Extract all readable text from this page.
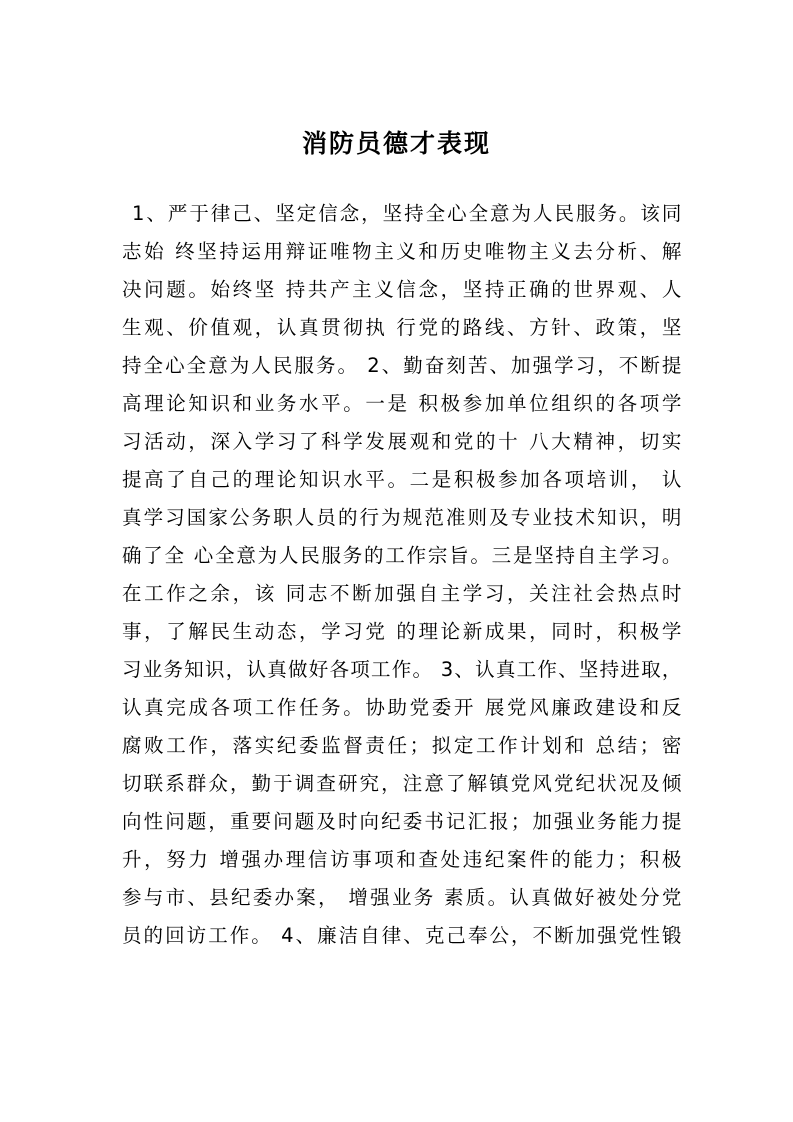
消防员德才表现
1、严于律己、坚定信念，坚持全心全意为人民服务。该同
志始 终坚持运用辩证唯物主义和历史唯物主义去分析、解
决问题。始终坚 持共产主义信念，坚持正确的世界观、人
生观、价值观，认真贯彻执 行党的路线、方针、政策，坚
持全心全意为人民服务。 2、勤奋刻苦、加强学习，不断提
高理论知识和业务水平。一是 积极参加单位组织的各项学
习活动，深入学习了科学发展观和党的十 八大精神，切实
提高了自己的理论知识水平。二是积极参加各项培训， 认
真学习国家公务职人员的行为规范准则及专业技术知识，明
确了全 心全意为人民服务的工作宗旨。三是坚持自主学习。
在工作之余，该 同志不断加强自主学习，关注社会热点时
事，了解民生动态，学习党 的理论新成果，同时，积极学
习业务知识，认真做好各项工作。 3、认真工作、坚持进取，
认真完成各项工作任务。协助党委开 展党风廉政建设和反
腐败工作，落实纪委监督责任；拟定工作计划和 总结；密
切联系群众，勤于调查研究，注意了解镇党风党纪状况及倾
向性问题，重要问题及时向纪委书记汇报；加强业务能力提
升，努力 增强办理信访事项和查处违纪案件的能力；积极
参与市、县纪委办案， 增强业务 素质。认真做好被处分党
员的回访工作。 4、廉洁自律、克己奉公，不断加强党性锻
